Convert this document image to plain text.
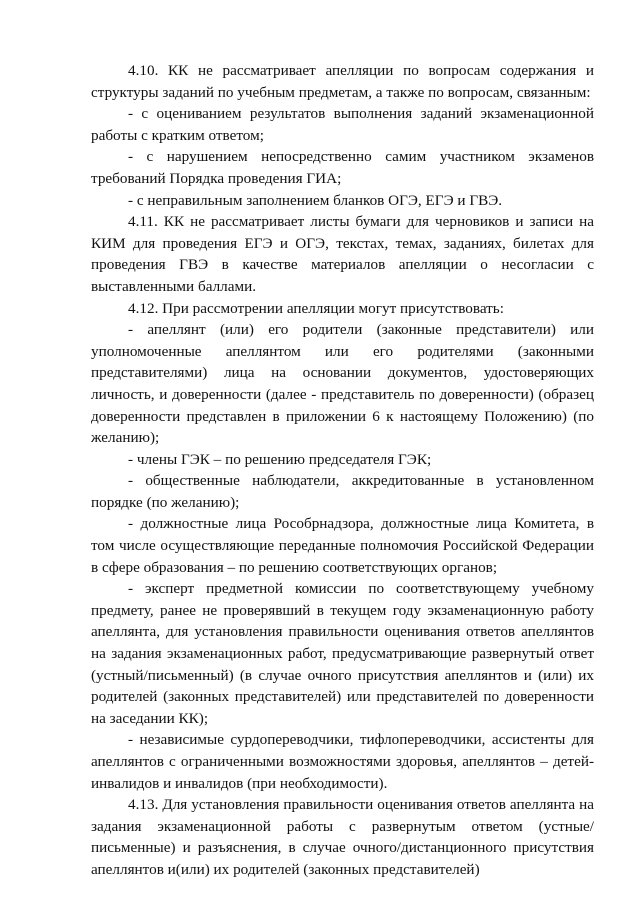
4.10. КК не рассматривает апелляции по вопросам содержания и структуры заданий по учебным предметам, а также по вопросам, связанным:

- с оцениванием результатов выполнения заданий экзаменационной работы с кратким ответом;

- с нарушением непосредственно самим участником экзаменов требований Порядка проведения ГИА;

- с неправильным заполнением бланков ОГЭ, ЕГЭ и ГВЭ.

4.11. КК не рассматривает листы бумаги для черновиков и записи на КИМ для проведения ЕГЭ и ОГЭ, текстах, темах, заданиях, билетах для проведения ГВЭ в качестве материалов апелляции о несогласии с выставленными баллами.

4.12. При рассмотрении апелляции могут присутствовать:

- апеллянт (или) его родители (законные представители) или уполномоченные апеллянтом или его родителями (законными представителями) лица на основании документов, удостоверяющих личность, и доверенности (далее - представитель по доверенности) (образец доверенности представлен в приложении 6 к настоящему Положению) (по желанию);

- члены ГЭК – по решению председателя ГЭК;

- общественные наблюдатели, аккредитованные в установленном порядке (по желанию);

- должностные лица Рособрнадзора, должностные лица Комитета, в том числе осуществляющие переданные полномочия Российской Федерации в сфере образования – по решению соответствующих органов;

- эксперт предметной комиссии по соответствующему учебному предмету, ранее не проверявший в текущем году экзаменационную работу апеллянта, для установления правильности оценивания ответов апеллянтов на задания экзаменационных работ, предусматривающие развернутый ответ (устный/письменный) (в случае очного присутствия апеллянтов и (или) их родителей (законных представителей) или представителей по доверенности на заседании КК);

- независимые сурдопереводчики, тифлопереводчики, ассистенты для апеллянтов с ограниченными возможностями здоровья, апеллянтов – детей-инвалидов и инвалидов (при необходимости).

4.13. Для установления правильности оценивания ответов апеллянта на задания экзаменационной работы с развернутым ответом (устные/письменные) и разъяснения, в случае очного/дистанционного присутствия апеллянтов и(или) их родителей (законных представителей)
